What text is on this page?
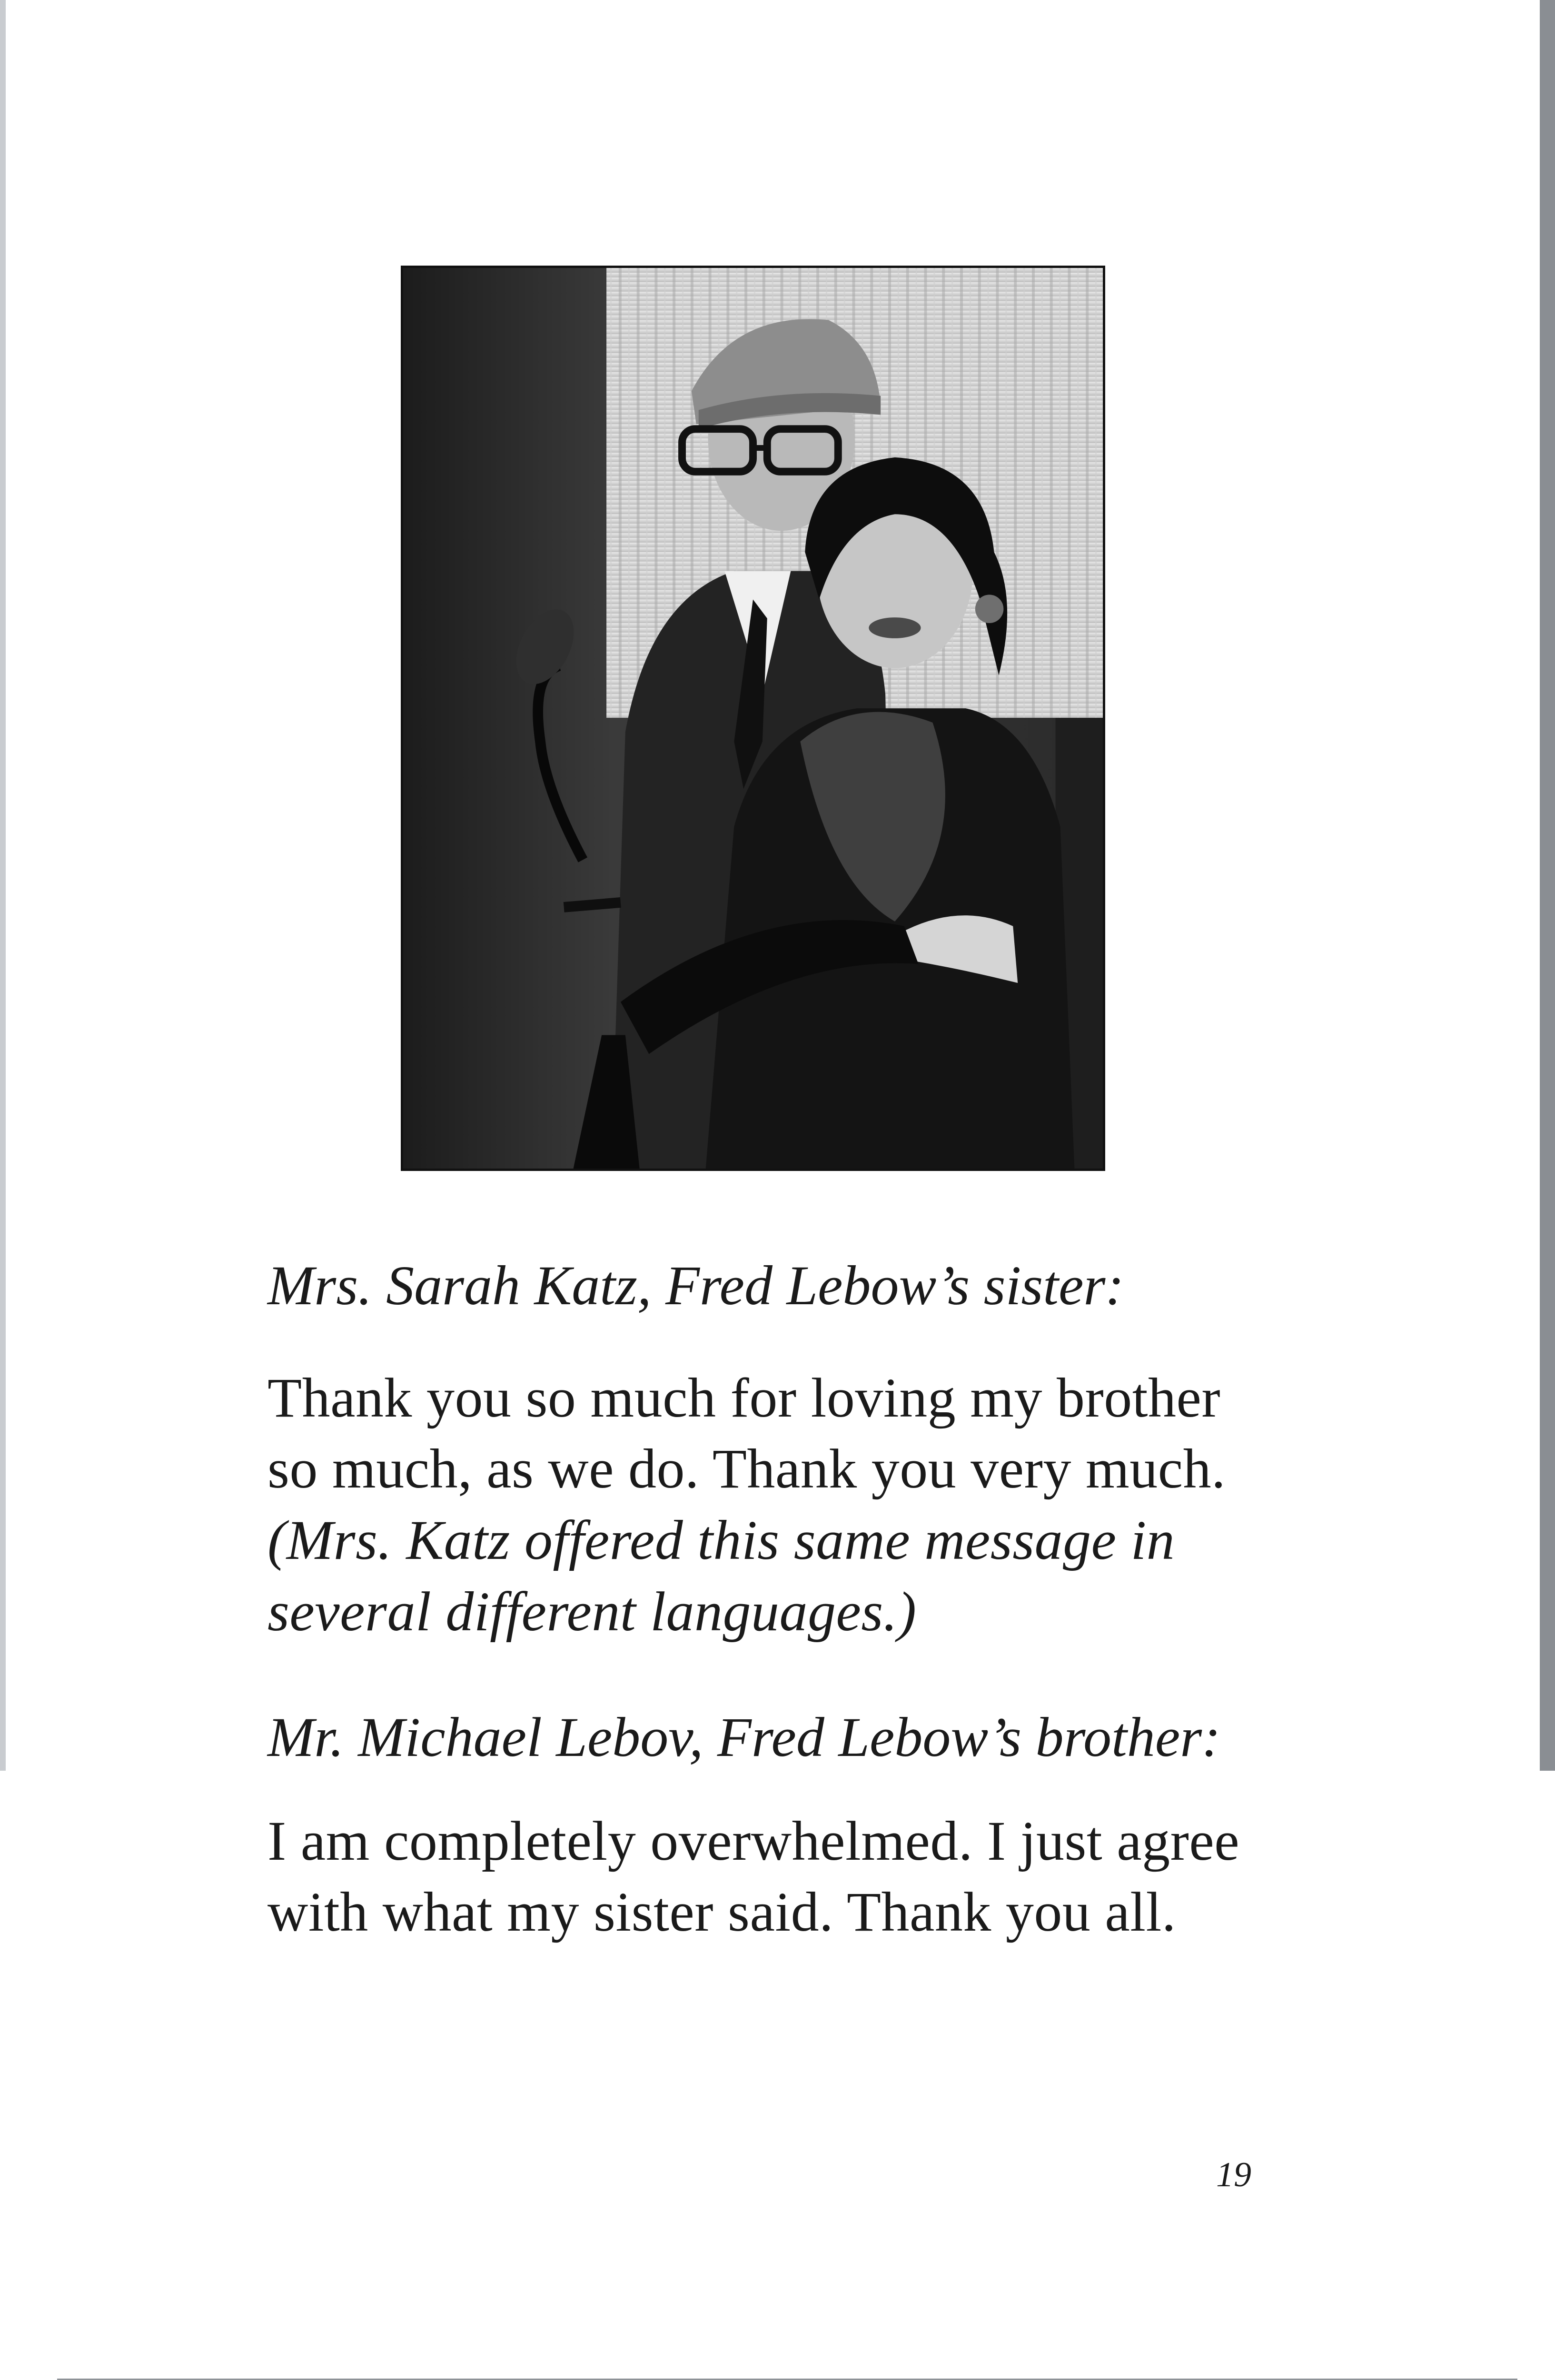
Mrs. Sarah Katz, Fred Lebow’s sister:

Thank you so much for loving my brother so much, as we do. Thank you very much. (Mrs. Katz offered this same message in several different languages.)

Mr. Michael Lebov, Fred Lebow’s brother:

I am completely overwhelmed. I just agree with what my sister said. Thank you all.

19
